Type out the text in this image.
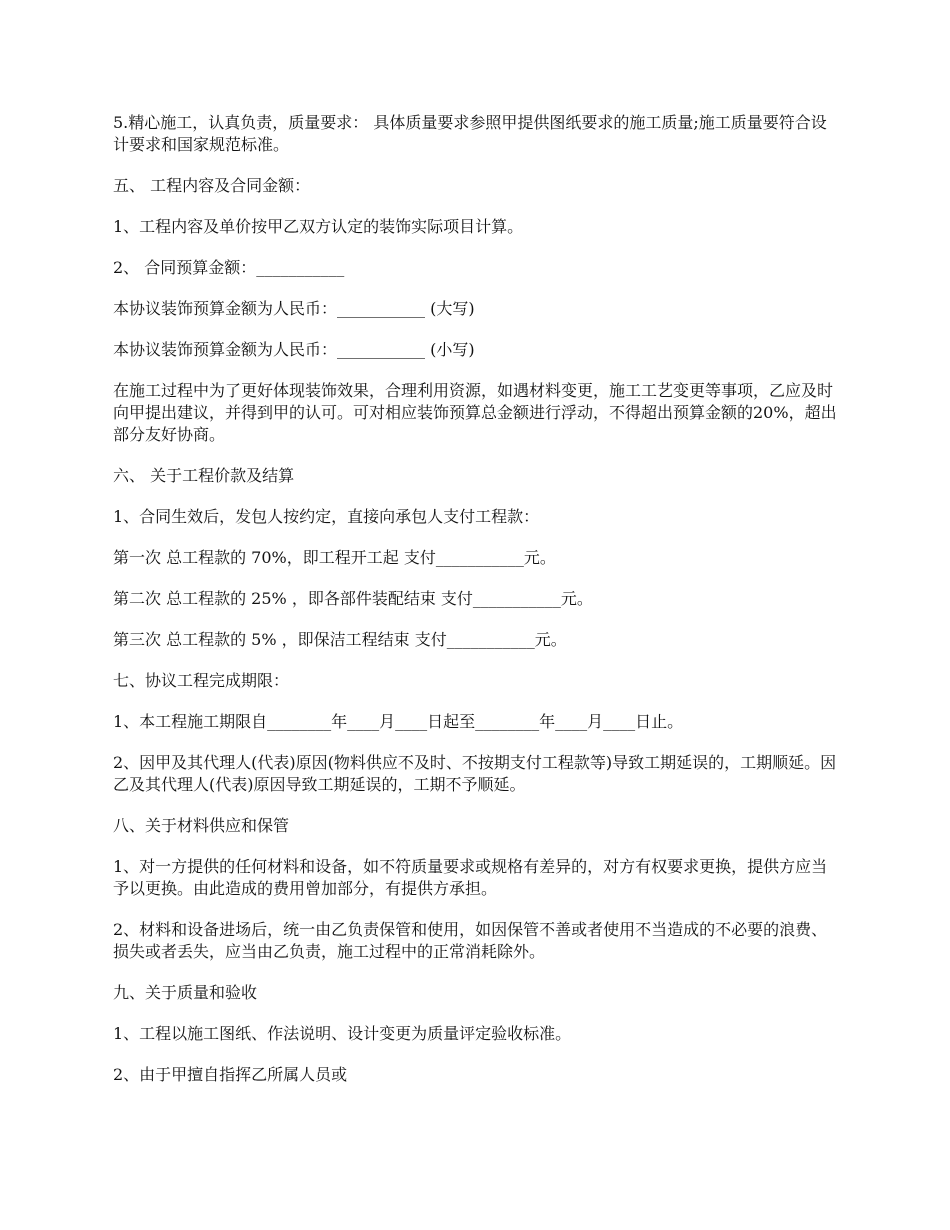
5.精心施工，认真负责，质量要求： 具体质量要求参照甲提供图纸要求的施工质量;施工质量要符合设计要求和国家规范标准。

五、 工程内容及合同金额：

1、工程内容及单价按甲乙双方认定的装饰实际项目计算。

2、 合同预算金额：___________

本协议装饰预算金额为人民币：___________ (大写)

本协议装饰预算金额为人民币：___________ (小写)

在施工过程中为了更好体现装饰效果，合理利用资源，如遇材料变更，施工工艺变更等事项，乙应及时向甲提出建议，并得到甲的认可。可对相应装饰预算总金额进行浮动，不得超出预算金额的20%，超出部分友好协商。

六、 关于工程价款及结算

1、合同生效后，发包人按约定，直接向承包人支付工程款：

第一次 总工程款的 70%，即工程开工起 支付___________元。

第二次 总工程款的 25% ，即各部件装配结束 支付___________元。

第三次 总工程款的 5% ，即保洁工程结束 支付___________元。

七、协议工程完成期限：

1、本工程施工期限自________年____月____日起至________年____月____日止。

2、因甲及其代理人(代表)原因(物料供应不及时、不按期支付工程款等)导致工期延误的，工期顺延。因乙及其代理人(代表)原因导致工期延误的，工期不予顺延。

八、关于材料供应和保管

1、对一方提供的任何材料和设备，如不符质量要求或规格有差异的，对方有权要求更换，提供方应当予以更换。由此造成的费用曾加部分，有提供方承担。

2、材料和设备进场后，统一由乙负责保管和使用，如因保管不善或者使用不当造成的不必要的浪费、损失或者丢失，应当由乙负责，施工过程中的正常消耗除外。

九、关于质量和验收

1、工程以施工图纸、作法说明、设计变更为质量评定验收标准。

2、由于甲擅自指挥乙所属人员或
